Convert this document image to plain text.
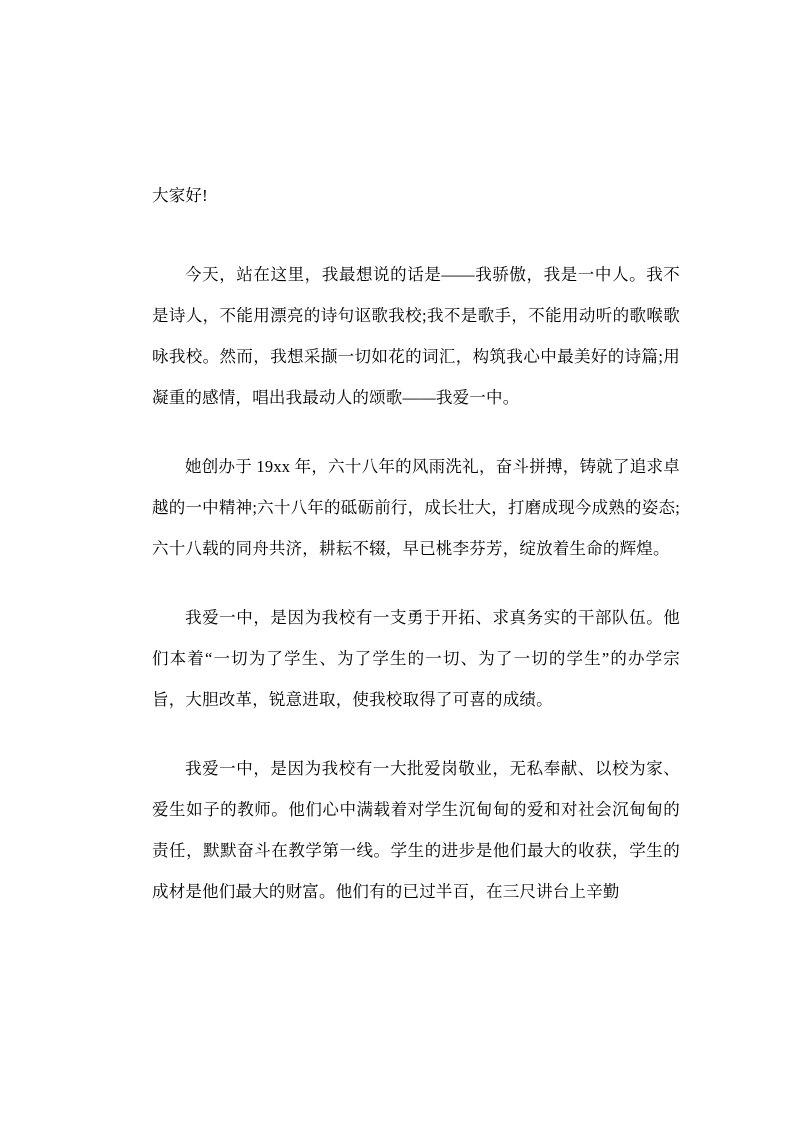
大家好!

今天，站在这里，我最想说的话是——我骄傲，我是一中人。我不是诗人，不能用漂亮的诗句讴歌我校;我不是歌手，不能用动听的歌喉歌咏我校。然而，我想采撷一切如花的词汇，构筑我心中最美好的诗篇;用凝重的感情，唱出我最动人的颂歌——我爱一中。

她创办于 19xx 年，六十八年的风雨洗礼，奋斗拼搏，铸就了追求卓越的一中精神;六十八年的砥砺前行，成长壮大，打磨成现今成熟的姿态;六十八载的同舟共济，耕耘不辍，早已桃李芬芳，绽放着生命的辉煌。

我爱一中，是因为我校有一支勇于开拓、求真务实的干部队伍。他们本着“一切为了学生、为了学生的一切、为了一切的学生”的办学宗旨，大胆改革，锐意进取，使我校取得了可喜的成绩。

我爱一中，是因为我校有一大批爱岗敬业，无私奉献、以校为家、爱生如子的教师。他们心中满载着对学生沉甸甸的爱和对社会沉甸甸的责任，默默奋斗在教学第一线。学生的进步是他们最大的收获，学生的成材是他们最大的财富。他们有的已过半百，在三尺讲台上辛勤
